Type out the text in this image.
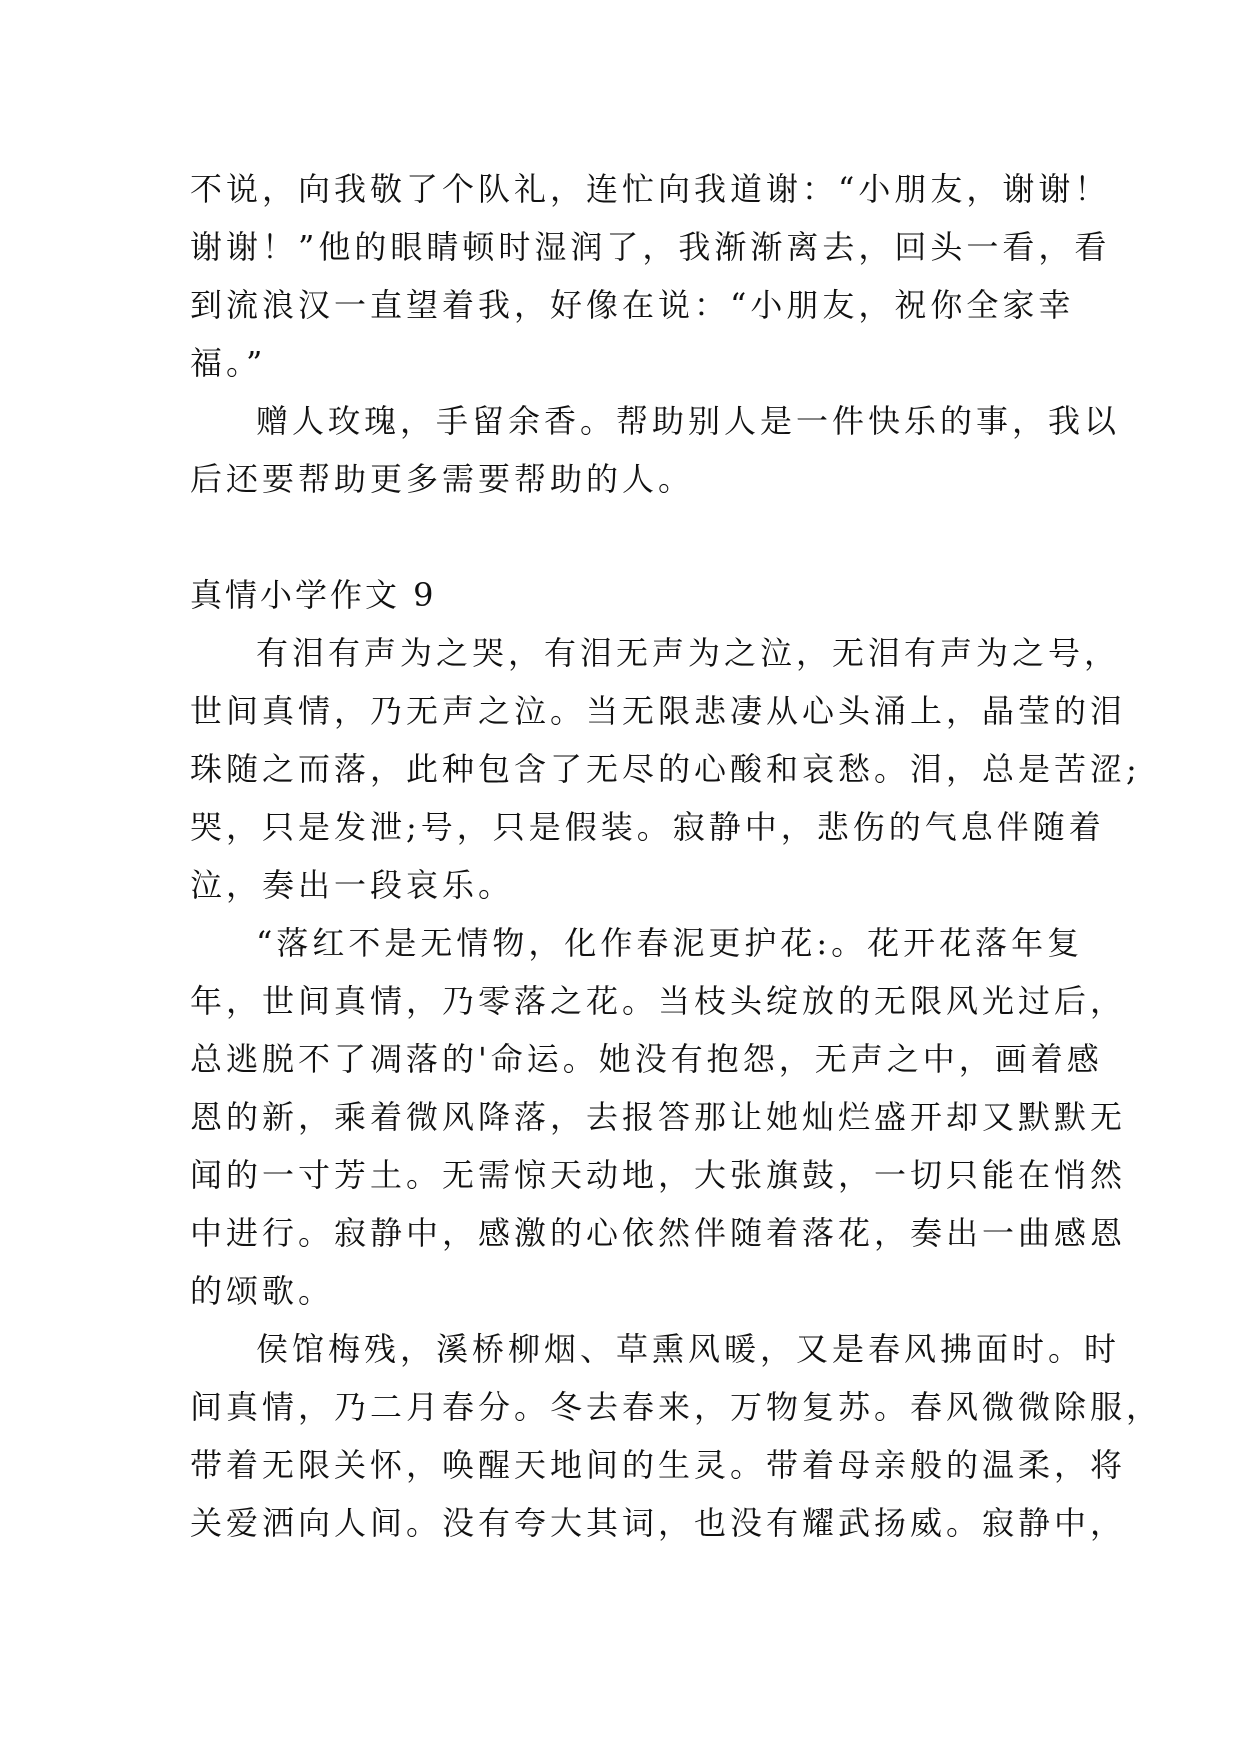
不说，向我敬了个队礼，连忙向我道谢：“小朋友，谢谢！
谢谢！”他的眼睛顿时湿润了，我渐渐离去，回头一看，看
到流浪汉一直望着我，好像在说：“小朋友，祝你全家幸
福。”
赠人玫瑰，手留余香。帮助别人是一件快乐的事，我以
后还要帮助更多需要帮助的人。
真情小学作文 9
有泪有声为之哭，有泪无声为之泣，无泪有声为之号，
世间真情，乃无声之泣。当无限悲凄从心头涌上，晶莹的泪
珠随之而落，此种包含了无尽的心酸和哀愁。泪，总是苦涩;
哭，只是发泄;号，只是假装。寂静中，悲伤的气息伴随着
泣，奏出一段哀乐。
“落红不是无情物，化作春泥更护花:。花开花落年复
年，世间真情，乃零落之花。当枝头绽放的无限风光过后，
总逃脱不了凋落的'命运。她没有抱怨，无声之中，画着感
恩的新，乘着微风降落，去报答那让她灿烂盛开却又默默无
闻的一寸芳土。无需惊天动地，大张旗鼓，一切只能在悄然
中进行。寂静中，感激的心依然伴随着落花，奏出一曲感恩
的颂歌。
侯馆梅残，溪桥柳烟、草熏风暖，又是春风拂面时。时
间真情，乃二月春分。冬去春来，万物复苏。春风微微除服，
带着无限关怀，唤醒天地间的生灵。带着母亲般的温柔，将
关爱洒向人间。没有夸大其词，也没有耀武扬威。寂静中，
